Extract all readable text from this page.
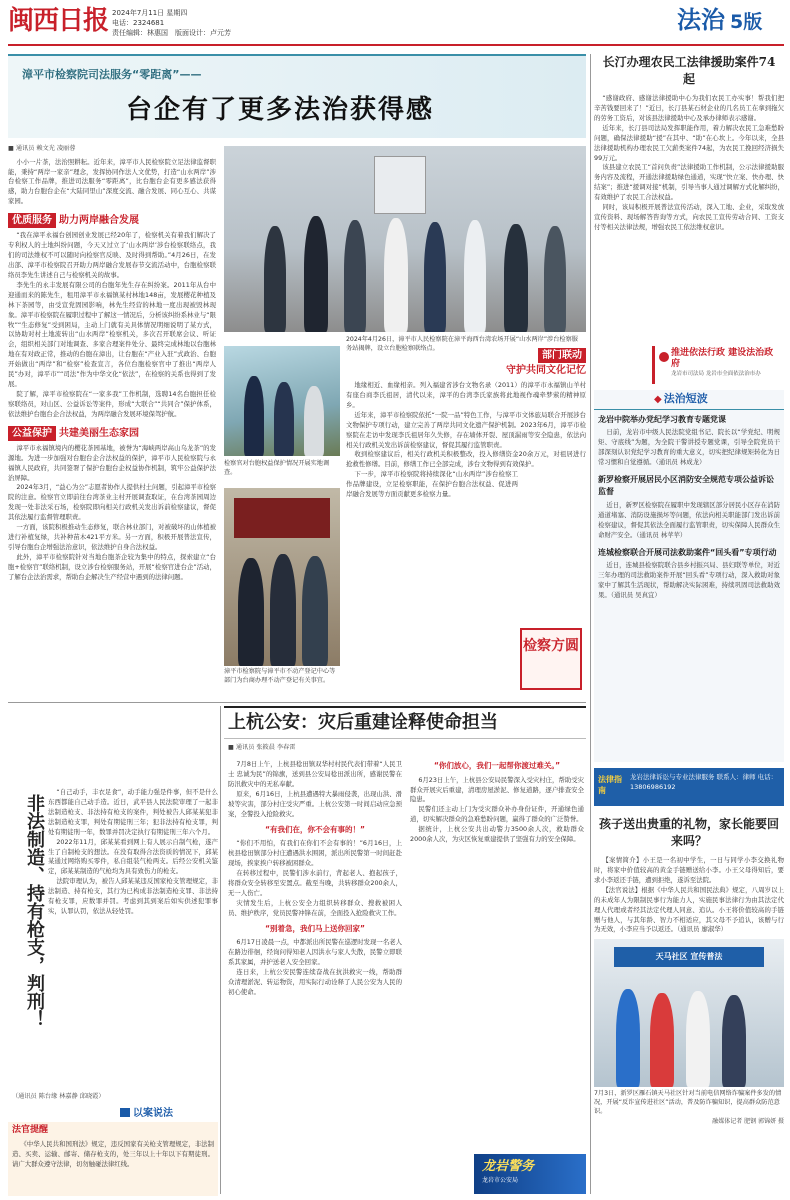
闽西日报 2024年7月11日 星期四
电话：2324681
责任编辑：林惠国　版面设计：卢元芳	法治 5版
漳平市检察院司法服务“零距离”——
台企有了更多法治获得感
■ 通讯员 赖文光 凌丽蓉
小小一片茶，法治照耕耘。近年来，漳平市人民检察院立足法律监督职能，秉持“两岸一家亲”理念，发挥协同作法人文优势，打造“山水两岸”涉台检察工作品牌，推进司法服务“零距离”，比台胞台企有更多感法获得感，助力台胞台企在“大陆同里山”深度交流、融合发展、同心互心、共谋家园。
优质服务 助力两岸融合发展
“我在漳平永福台创园创业发展已经20年了，检察机关有着我们解决了专利权人的土地纠纷问题，今天又过立了‘山水两岸’涉台检察联络点，我们的司法维权不可以随时向检察官反映、及时得到帮助。”4月26日，在发出部、漳平市检察院召开助力两岸融合发展春节交流活动中，台胞检察联络员李先生讲述自己与检察机关的故事。
李先生的永丰发展有限公司的台胞年先生存在纠纷案。2011年从台中迎通而来的陈先生，租用漳平市永福镇某村林地148亩，发展樱花种植及林下茶园等，由受宣党固园影响，林先生经营的林地一度出现被毁林现象。漳平市检察院在履职过程中了解这一情况后，分析该纠纷系林业与“限牧”“生态修复”受到困局，主动上门就有关具体情况明细说明了某方式，以协助对村土地流转出“山水两岸”检察机关，多次召开联席会议、听证会，组织相关部门对地调查、多家合理案件处分、最终完成林地以台胞林地在有对政正常，推动的台胞在漳出，让台胞在“产业入驻”式政治、台胞开始做出“两岸”和“检察”检查宣言，各位台胞检察官中了推出“两岸人民”办对，漳平市”“司法”作为中华文化“依法”，在检察的关系也得到了发展。
院了解，漳平市检察院在“一家多我”工作机制，选聘14名台胞担任检察联络员，对山区、公益诉讼等案件，形成“大联合”“共同合”保护体系，依法维护台胞台企合法权益，为两岸融合发展环境保驾护航。
公益保护 共建美丽生态家园
漳平市永福镇境内的樱花茶园基地，被誉为“海峡两岸高山乌龙茶”的发源地。为进一步加强对台胞台企合法权益的保护，漳平市人民检察院与永福镇人民政府，共同签署了保护台胞台企权益协作机制，筑牢公益保护法治屏障。
2024年3月，“益心为公”志愿者协作人提供村土问题，引起漳平市检察院的注意。检察官立即前往台湾茶业主村开展调查取证，在台湾茶园周边发现一处非法采石场，检察院即向相关行政机关发出诉前检察建议，督促其依法履行监督管理职责。
一方面，该院积极推动生态修复，联合林业部门，对被破坏的山体植被进行补植复绿，共补种苗木421平方米。另一方面，积极开展普法宣传，引导台胞台企增强法治意识，依法维护自身合法权益。
此外，漳平市检察院针对当地台胞茶企较为集中的特点，探索建立“台胞+检察官”联络机制，设立涉台检察服务站，开展“检察官进台企”活动，了解台企法治需求，帮助台企解决生产经营中遇到的法律问题。
2024年4月26日，漳平市人民检察院在漳平海西台湾农场开展“山水两岸”涉台检察服务站揭牌，设立台胞检察联络点。
检察官对台胞权益保护情况开展实地调查。
漳平市检察院与漳平市不动产登记中心等部门为台商办理不动产登记有关事宜。
部门联动
守护共同文化记忆
地缘相近、血缘相亲。列入福建省涉台文物名录（2011）的漳平市永福镇山羊村有座台商李氏祖居，清代以来，漳平的台湾李氏家族将此地视作魂牵梦萦的精神原乡。
近年来，漳平市检察院依托“一院一品”特色工作，与漳平市文体旅局联合开展涉台文物保护专项行动，建立完善了两岸共同文化遗产保护机制。2023年6月，漳平市检察院在走访中发现李氏祖居年久失修，存在墙体开裂、屋顶漏雨等安全隐患，依法向相关行政机关发出诉前检察建议，督促其履行监管职责。
收到检察建议后，相关行政机关积极整改，投入修缮资金20余万元，对祖居进行抢救性修缮。目前，修缮工作已全部完成，涉台文物得到有效保护。
下一步，漳平市检察院将持续深化“山水两岸”涉台检察工作品牌建设，立足检察职能，在保护台胞合法权益、促进两岸融合发展等方面贡献更多检察力量。
检察方圆
长汀办理农民工法律援助案件74起
“感谢政府、感谢法律援助中心为我们农民工办实事！帮我们把辛苦钱要回来了！”近日，长汀县某石材企业的几名员工在拿到拖欠的劳务工资后，对该县法律援助中心及承办律师表示感谢。
近年来，长汀县司法局发挥职能作用，着力解决农民工急难愁盼问题，确保法律援助“援”在其中、“助”在心坎上。今年以来，全县法律援助机构办理农民工欠薪类案件74起，为农民工挽回经济损失99万元。
该县建立农民工“首问负责”法律援助工作机制，公示法律援助服务内容及流程，开通法律援助绿色通道，实现“快立案、快办理、快结案”；推进“援调对接”机制，引导当事人通过调解方式化解纠纷，有效维护了农民工合法权益。
同时，该局积极开展普法宣传活动，深入工地、企业，采取发放宣传资料、现场解答咨询等方式，向农民工宣传劳动合同、工资支付等相关法律法规，增强农民工依法维权意识。
推进依法行政 建设法治政府
龙岩市司法局 龙岩市全面依法治市办
◆ 法治短波
龙岩中院举办党纪学习教育专题党课
日前，龙岩市中级人民法院党组书记、院长以“学党纪、明规矩、守底线”为题，为全院干警讲授专题党课，引导全院党员干部深刻认识党纪学习教育的重大意义，切实把纪律规矩转化为日常习惯和自觉遵循。（通讯员 林成龙）
新罗检察开展居民小区消防安全规范专项公益诉讼监督
近日，新罗区检察院在履职中发现辖区部分居民小区存在消防通道堵塞、消防设施损坏等问题，依法向相关职能部门发出诉前检察建议，督促其依法全面履行监管职责，切实保障人民群众生命财产安全。（通讯员 林苹苹）
连城检察联合开展司法救助案件“回头看”专项行动
近日，连城县检察院联合县乡村振兴局、县妇联等单位，对近三年办理的司法救助案件开展“回头看”专项行动，深入救助对象家中了解其生活现状，帮助解决实际困难，持续巩固司法救助效果。（通讯员 吴真宜）
法律指南
龙岩法律诉讼与专业法律服务 联系人：律师 电话：13806986192
非法制造、持有枪支，判刑！
“自己动手，丰衣足食”，动手能力强是件事，但不是什么东西都能自己动手造。近日，武平县人民法院审理了一起非法制造枪支、非法持有枪支的案件，判处被告人邱某某犯非法制造枪支罪，判处有期徒刑三年；犯非法持有枪支罪，判处有期徒刑一年，数罪并罚决定执行有期徒刑三年六个月。
2022年11月，邱某某看到网上有人展示自制气枪，遂产生了自制枪支的想法。在没有取得合法资质的情况下，邱某某通过网络购买零件，私自组装气枪两支。后经公安机关鉴定，邱某某制造的气枪均为具有致伤力的枪支。
法院审理认为，被告人邱某某违反国家枪支管理规定，非法制造、持有枪支，其行为已构成非法制造枪支罪、非法持有枪支罪，应数罪并罚。考虑到其到案后如实供述犯罪事实，认罪认罚，依法从轻处罚。
（通讯员 陈台缘 林嘉静 邱晓霞）
以案说法
法官提醒
《中华人民共和国刑法》规定，违反国家有关枪支管理规定，非法制造、买卖、运输、邮寄、储存枪支的，处三年以上十年以下有期徒刑。请广大群众遵守法律，切勿触碰法律红线。
上杭公安：灾后重建诠释使命担当
■ 通讯员 张筱晨 李春雷
7月8日上午，上杭县稔田镇双华村村民代表们带着“人民卫士 忠诚为民”的锦旗，送到县公安局稔田派出所，感谢民警在防汛救灾中的无私奉献。
原来，6月16日，上杭县遭遇特大暴雨侵袭，出现山洪、滑坡等灾害，部分村庄受灾严重。上杭公安第一时间启动应急预案，全警投入抢险救灾。
“有我们在，你不会有事的！”
“你们不用怕，有我们在你们不会有事的！”6月16日，上杭县稔田镇部分村庄遭遇洪水围困，派出所民警第一时间赶赴现场，挨家挨户转移被困群众。
在转移过程中，民警们涉水前行，背起老人、抱起孩子，将群众安全转移至安置点。截至当晚，共转移群众200余人，无一人伤亡。
灾情发生后，上杭公安全力组织转移群众、搜救被困人员、维护秩序，党员民警冲锋在前，全面投入抢险救灾工作。
“别着急，我们马上送你回家”
6月17日凌晨一点，中都派出所民警在巡逻时发现一名老人在路边徘徊，经询问得知老人因洪水与家人失散，民警立即联系其家属，并护送老人安全回家。
连日来，上杭公安民警连续奋战在抗洪救灾一线，帮助群众清理淤泥、转运物资，用实际行动诠释了人民公安为人民的初心使命。
“你们放心，我们一起帮你渡过难关。”
6月23日上午，上杭县公安局民警深入受灾村庄，帮助受灾群众开展灾后重建，清理房屋淤泥、修复道路，逐户排查安全隐患。
民警们还主动上门为受灾群众补办身份证件，开通绿色通道，切实解决群众的急难愁盼问题，赢得了群众的广泛赞誉。
据统计，上杭公安共出动警力3500余人次，救助群众2000余人次，为灾区恢复重建提供了坚强有力的安全保障。
龙岩警务
龙岩市公安局
孩子送出贵重的礼物，家长能要回来吗？
【案情简介】小王是一名初中学生，一日与同学小李交换礼物时，将家中价值较高的黄金手链赠送给小李。小王父母得知后，要求小李返还手链，遭到拒绝，遂诉至法院。
【法官说法】根据《中华人民共和国民法典》规定，八周岁以上的未成年人为限制民事行为能力人，实施民事法律行为由其法定代理人代理或者经其法定代理人同意、追认。小王将价值较高的手链赠与他人，与其年龄、智力不相适应，其父母不予追认，该赠与行为无效，小李应当予以返还。（通讯员 廖淑华）
天马社区 宣传普法
7月3日，新罗区雁石镇天马社区针对当前电信网络诈骗案件多发的情况，开展“反诈宣传进社区”活动，普及防诈骗知识，提高群众防范意识。
融媒体记者 肥钢 郭锦妍 摄
